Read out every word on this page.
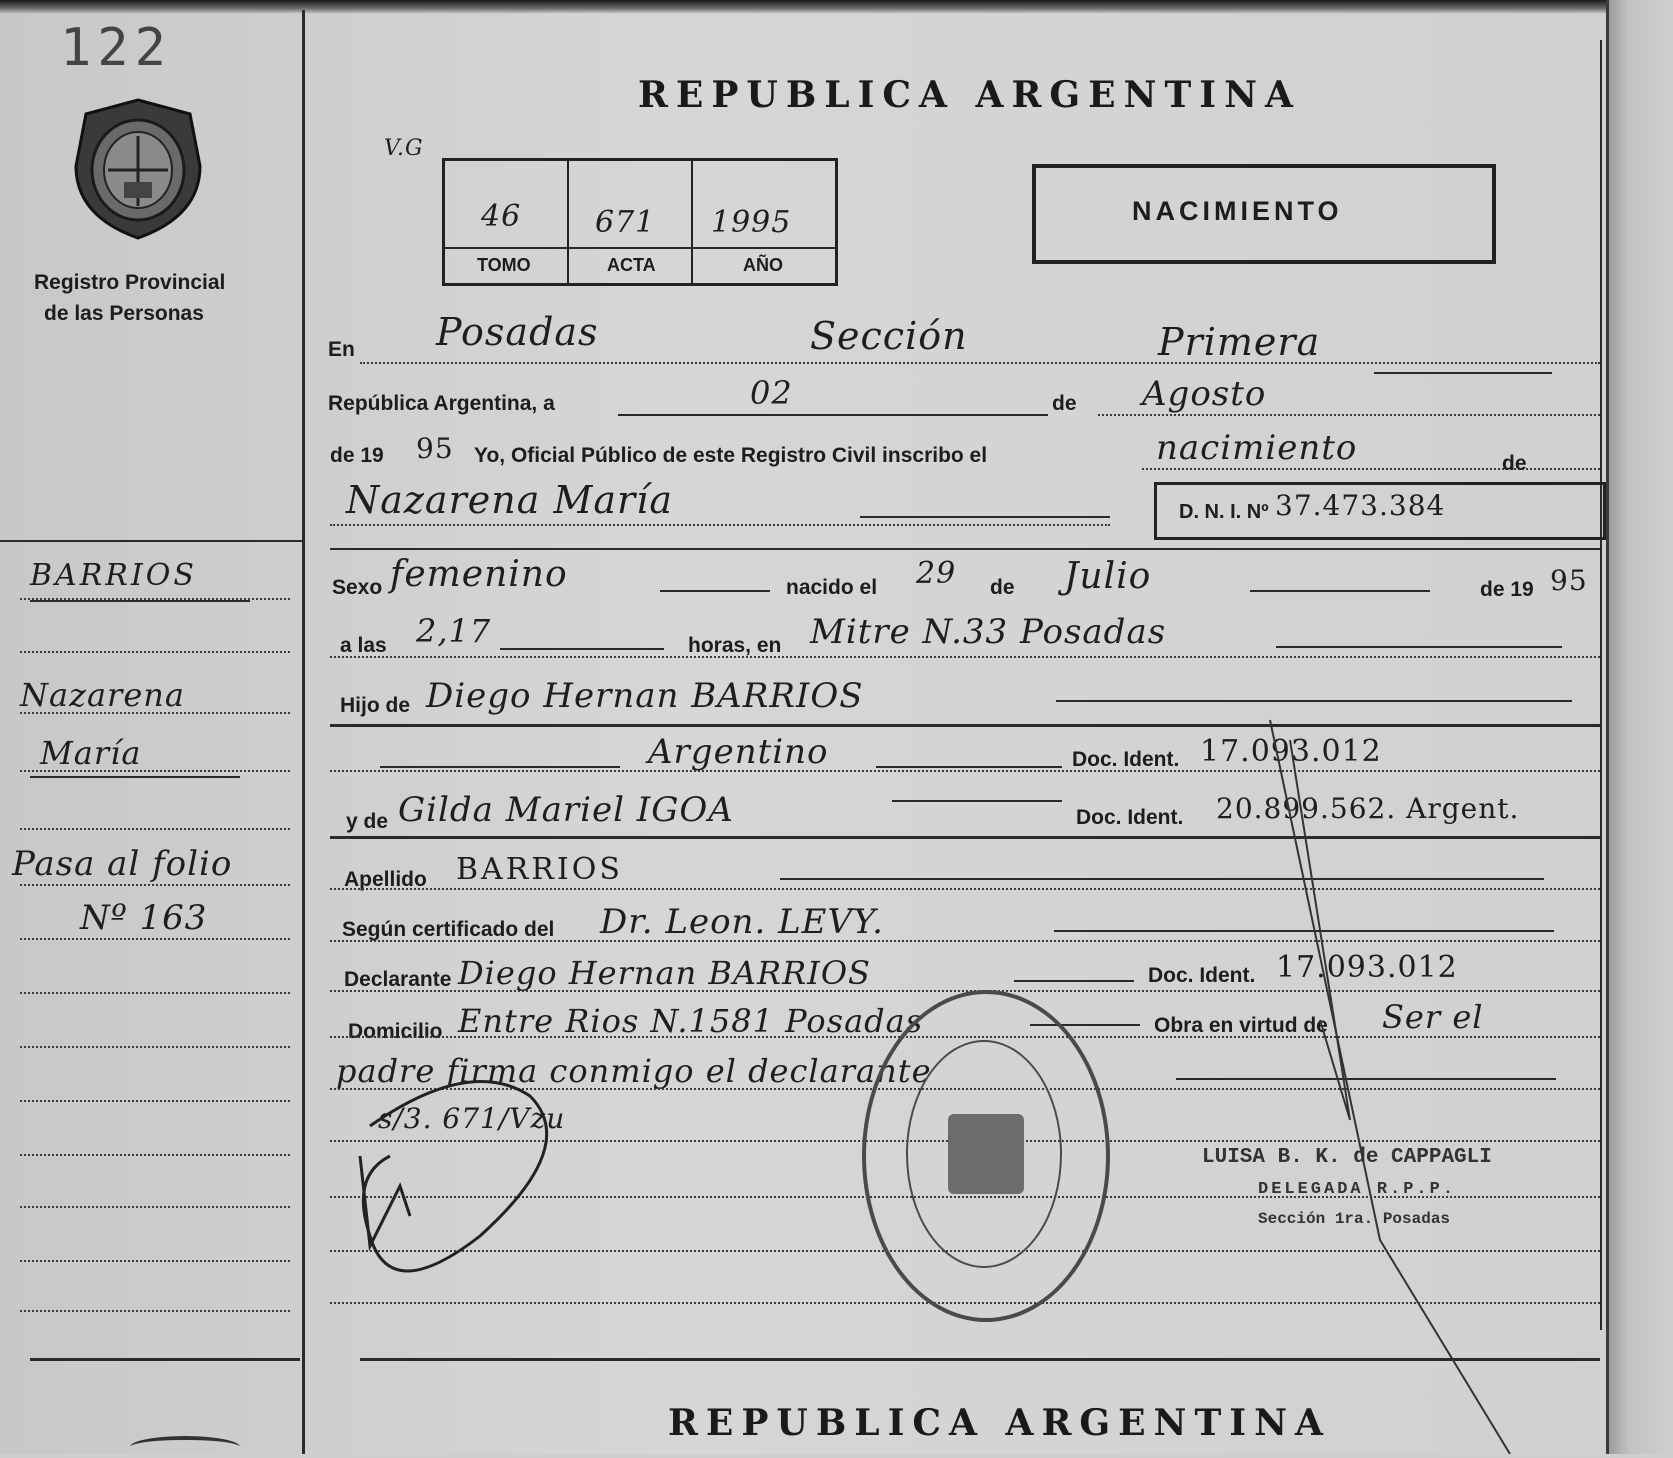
122
Registro Provincial
de las Personas
BARRIOS
Nazarena
María
Pasa al folio
Nº 163
REPUBLICA ARGENTINA
V.G
46 671 1995
TOMO	ACTA	AÑO
NACIMIENTO
En Posadas	Sección	Primera
República Argentina, a	02	de Agosto
de 19 95 Yo, Oficial Público de este Registro Civil inscribo el	nacimiento	de
Nazarena María	D. N. I. Nº 37.473.384
Sexo femenino	nacido el 29 de Julio	de 19 95
a las 2,17	horas, en Mitre N.33 Posadas
Hijo de Diego Hernan BARRIOS
Argentino	Doc. Ident. 17.093.012
y de Gilda Mariel IGOA	Doc. Ident. 20.899.562. Argent.
Apellido BARRIOS
Según certificado del Dr. Leon. LEVY.
Declarante Diego Hernan BARRIOS	Doc. Ident. 17.093.012
Domicilio Entre Rios N.1581 Posadas	Obra en virtud de Ser el
padre firma conmigo el declarante
s/3. 671/Vzu
LUISA B. K. de CAPPAGLI
DELEGADA R.P.P.
Sección 1ra. Posadas
REPUBLICA ARGENTINA
